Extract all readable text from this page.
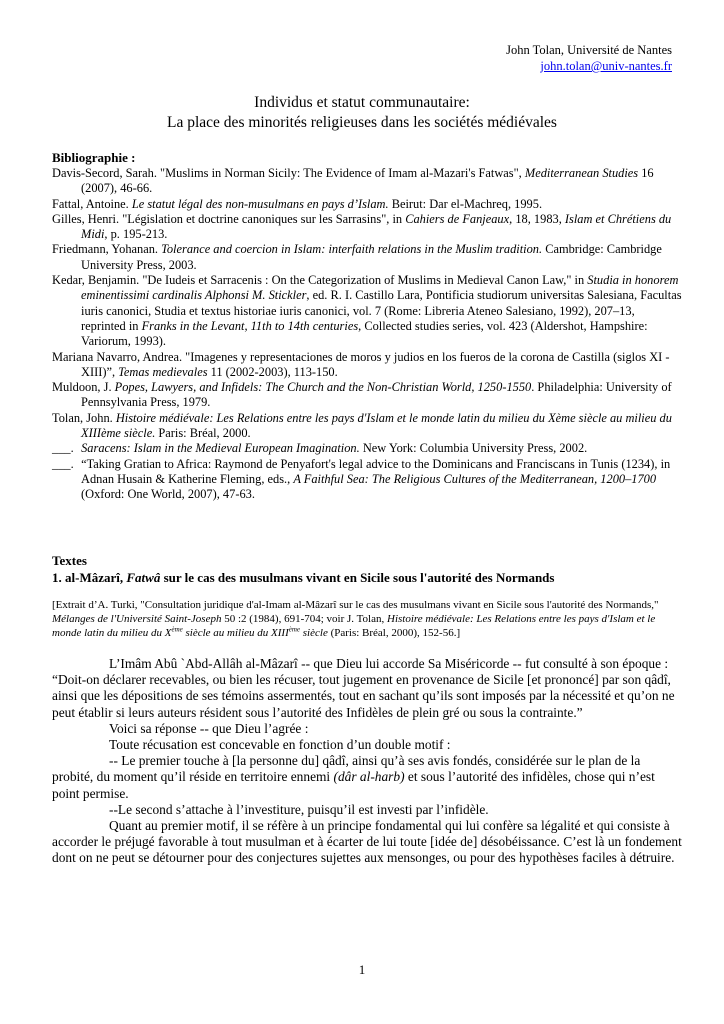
John Tolan, Université de Nantes
john.tolan@univ-nantes.fr
Individus et statut communautaire:
La place des minorités religieuses dans les sociétés médiévales
Bibliographie :

Davis-Secord, Sarah. "Muslims in Norman Sicily: The Evidence of Imam al-Mazari's Fatwas", Mediterranean Studies 16 (2007), 46-66.

Fattal, Antoine. Le statut légal des non-musulmans en pays d’Islam. Beirut: Dar el-Machreq, 1995.

Gilles, Henri. "Législation et doctrine canoniques sur les Sarrasins", in Cahiers de Fanjeaux, 18, 1983, Islam et Chrétiens du Midi, p. 195-213.

Friedmann, Yohanan. Tolerance and coercion in Islam: interfaith relations in the Muslim tradition. Cambridge: Cambridge University Press, 2003.

Kedar, Benjamin. "De Iudeis et Sarracenis : On the Categorization of Muslims in Medieval Canon Law," in Studia in honorem eminentissimi cardinalis Alphonsi M. Stickler, ed. R. I. Castillo Lara, Pontificia studiorum universitas Salesiana, Facultas iuris canonici, Studia et textus historiae iuris canonici, vol. 7 (Rome: Libreria Ateneo Salesiano, 1992), 207–13, reprinted in Franks in the Levant, 11th to 14th centuries, Collected studies series, vol. 423 (Aldershot, Hampshire: Variorum, 1993).

Mariana Navarro, Andrea. "Imagenes y representaciones de moros y judios en los fueros de la corona de Castilla (siglos XI - XIII)”, Temas medievales 11 (2002-2003), 113-150.

Muldoon, J. Popes, Lawyers, and Infidels: The Church and the Non-Christian World, 1250-1550. Philadelphia: University of Pennsylvania Press, 1979.

Tolan, John. Histoire médiévale: Les Relations entre les pays d'Islam et le monde latin du milieu du Xème siècle au milieu du XIIIème siècle. Paris: Bréal, 2000.

___. Saracens: Islam in the Medieval European Imagination. New York: Columbia University Press, 2002.

___. “Taking Gratian to Africa: Raymond de Penyafort's legal advice to the Dominicans and Franciscans in Tunis (1234), in Adnan Husain & Katherine Fleming, eds., A Faithful Sea: The Religious Cultures of the Mediterranean, 1200–1700 (Oxford: One World, 2007), 47-63.

Textes
1. al-Mâzarî, Fatwâ sur le cas des musulmans vivant en Sicile sous l'autorité des Normands
[Extrait d’A. Turki, "Consultation juridique d'al-Imam al-Mâzarî sur le cas des musulmans vivant en Sicile sous l'autorité des Normands," Mélanges de l'Université Saint-Joseph 50 :2 (1984), 691-704; voir J. Tolan, Histoire médiévale: Les Relations entre les pays d'Islam et le monde latin du milieu du Xème siècle au milieu du XIIIème siècle (Paris: Bréal, 2000), 152-56.]

L’Imâm Abû `Abd-Allâh al-Mâzarî -- que Dieu lui accorde Sa Miséricorde -- fut consulté à son époque : “Doit-on déclarer recevables, ou bien les récuser, tout jugement en provenance de Sicile [et prononcé] par son qâdî, ainsi que les dépositions de ses témoins assermentés, tout en sachant qu’ils sont imposés par la nécessité et qu’on ne peut établir si leurs auteurs résident sous l’autorité des Infidèles de plein gré ou sous la contrainte.”

Voici sa réponse -- que Dieu l’agrée :

Toute récusation est concevable en fonction d’un double motif :

-- Le premier touche à [la personne du] qâdî, ainsi qu’à ses avis fondés, considérée sur le plan de la probité, du moment qu’il réside en territoire ennemi (dâr al-harb) et sous l’autorité des infidèles, chose qui n’est point permise.

--Le second s’attache à l’investiture, puisqu’il est investi par l’infidèle.

Quant au premier motif, il se réfère à un principe fondamental qui lui confère sa légalité et qui consiste à accorder le préjugé favorable à tout musulman et à écarter de lui toute [idée de] désobéissance. C’est là un fondement dont on ne peut se détourner pour des conjectures sujettes aux mensonges, ou pour des hypothèses faciles à détruire.

1
